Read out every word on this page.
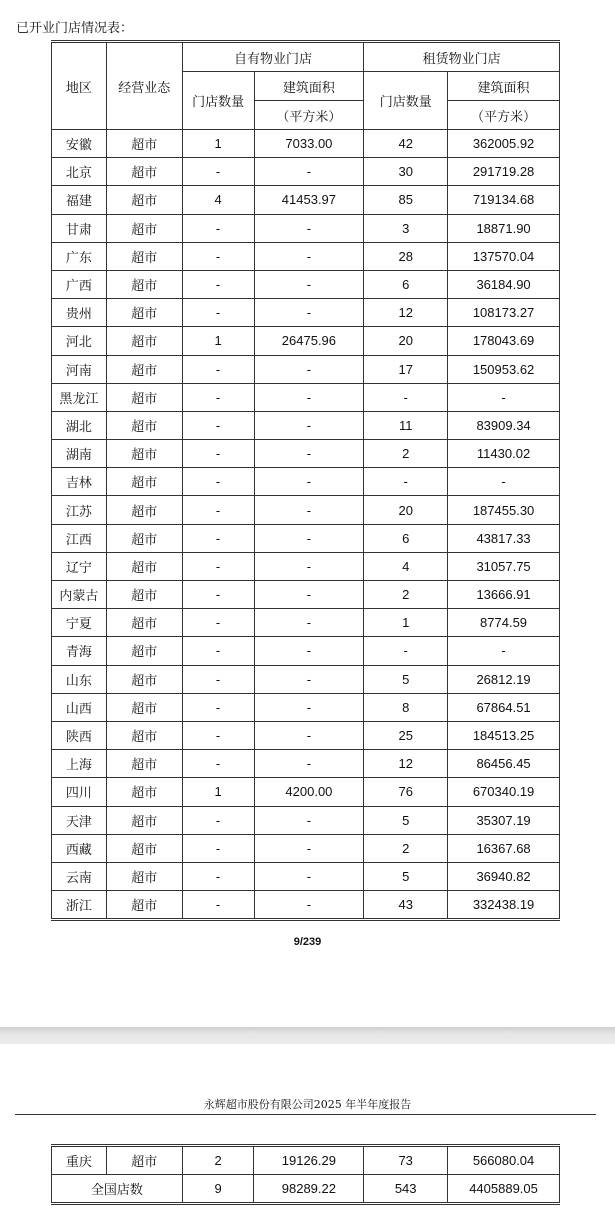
已开业门店情况表：
地区	经营业态	自有物业门店		租赁物业门店	
		门店数量	建筑面积	门店数量	建筑面积
			（平方米）		（平方米）
安徽	超市	1	7033.00	42	362005.92
北京	超市	-	-	30	291719.28
福建	超市	4	41453.97	85	719134.68
甘肃	超市	-	-	3	18871.90
广东	超市	-	-	28	137570.04
广西	超市	-	-	6	36184.90
贵州	超市	-	-	12	108173.27
河北	超市	1	26475.96	20	178043.69
河南	超市	-	-	17	150953.62
黑龙江	超市	-	-	-	-
湖北	超市	-	-	11	83909.34
湖南	超市	-	-	2	11430.02
吉林	超市	-	-	-	-
江苏	超市	-	-	20	187455.30
江西	超市	-	-	6	43817.33
辽宁	超市	-	-	4	31057.75
内蒙古	超市	-	-	2	13666.91
宁夏	超市	-	-	1	8774.59
青海	超市	-	-	-	-
山东	超市	-	-	5	26812.19
山西	超市	-	-	8	67864.51
陕西	超市	-	-	25	184513.25
上海	超市	-	-	12	86456.45
四川	超市	1	4200.00	76	670340.19
天津	超市	-	-	5	35307.19
西藏	超市	-	-	2	16367.68
云南	超市	-	-	5	36940.82
浙江	超市	-	-	43	332438.19
9/239
永辉超市股份有限公司2025 年半年度报告
重庆	超市	2	19126.29	73	566080.04
全国店数		9	98289.22	543	4405889.05
